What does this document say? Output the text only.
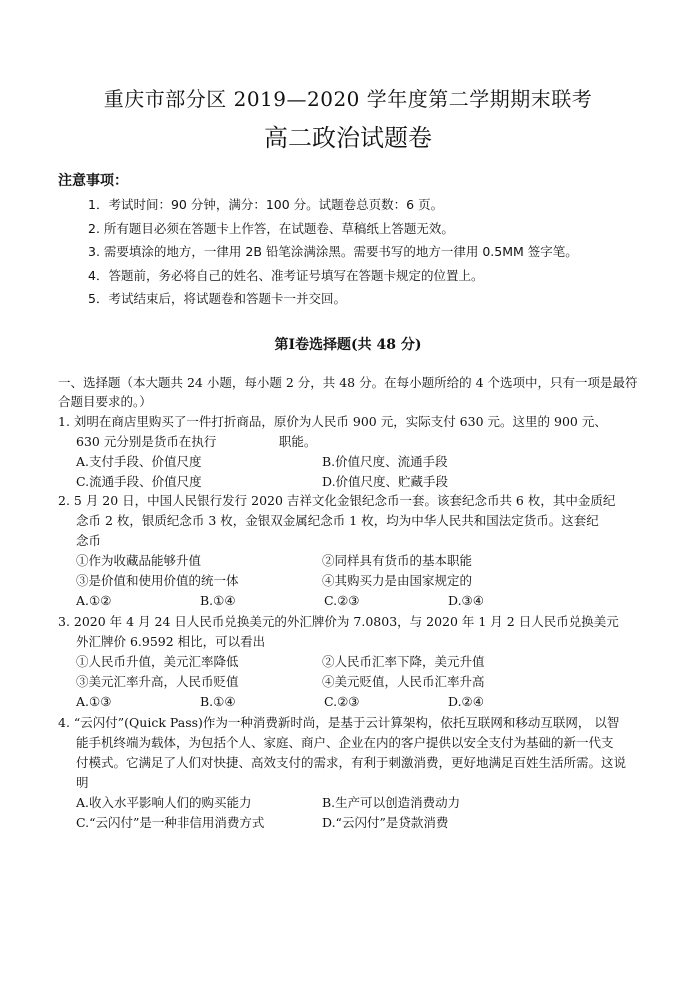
重庆市部分区 2019—2020 学年度第二学期期末联考
高二政治试题卷
注意事项：
1．考试时间：90 分钟，满分：100 分。试题卷总页数：6 页。
2. 所有题目必须在答题卡上作答，在试题卷、草稿纸上答题无效。
3. 需要填涂的地方，一律用 2B 铅笔涂满涂黑。需要书写的地方一律用 0.5MM 签字笔。
4．答题前，务必将自己的姓名、准考证号填写在答题卡规定的位置上。
5．考试结束后，将试题卷和答题卡一并交回。
第Ⅰ卷选择题(共 48 分)
一、选择题（本大题共 24 小题，每小题 2 分，共 48 分。在每小题所给的 4 个选项中，只有一项是最符合题目要求的。）
1. 刘明在商店里购买了一件打折商品，原价为人民币 900 元，实际支付 630 元。这里的 900 元、
630 元分别是货币在执行　　　　　职能。
A.支付手段、价值尺度	B.价值尺度、流通手段
C.流通手段、价值尺度	D.价值尺度、贮藏手段
2. 5 月 20 日，中国人民银行发行 2020 吉祥文化金银纪念币一套。该套纪念币共 6 枚，其中金质纪
念币 2 枚，银质纪念币 3 枚，金银双金属纪念币 1 枚，均为中华人民共和国法定货币。这套纪
念币
①作为收藏品能够升值	②同样具有货币的基本职能
③是价值和使用价值的统一体	④其购买力是由国家规定的
A.①②	B.①④	C.②③	D.③④
3. 2020 年 4 月 24 日人民币兑换美元的外汇牌价为 7.0803，与 2020 年 1 月 2 日人民币兑换美元
外汇牌价 6.9592 相比，可以看出
①人民币升值，美元汇率降低	②人民币汇率下降，美元升值
③美元汇率升高，人民币贬值	④美元贬值，人民币汇率升高
A.①③	B.①④	C.②③	D.②④
4. “云闪付”(Quick Pass)作为一种消费新时尚，是基于云计算架构，依托互联网和移动互联网， 以智
能手机终端为载体，为包括个人、家庭、商户、企业在内的客户提供以安全支付为基础的新一代支
付模式。它满足了人们对快捷、高效支付的需求，有利于刺激消费，更好地满足百姓生活所需。这说
明
A.收入水平影响人们的购买能力	B.生产可以创造消费动力
C.“云闪付”是一种非信用消费方式	D.“云闪付”是贷款消费
